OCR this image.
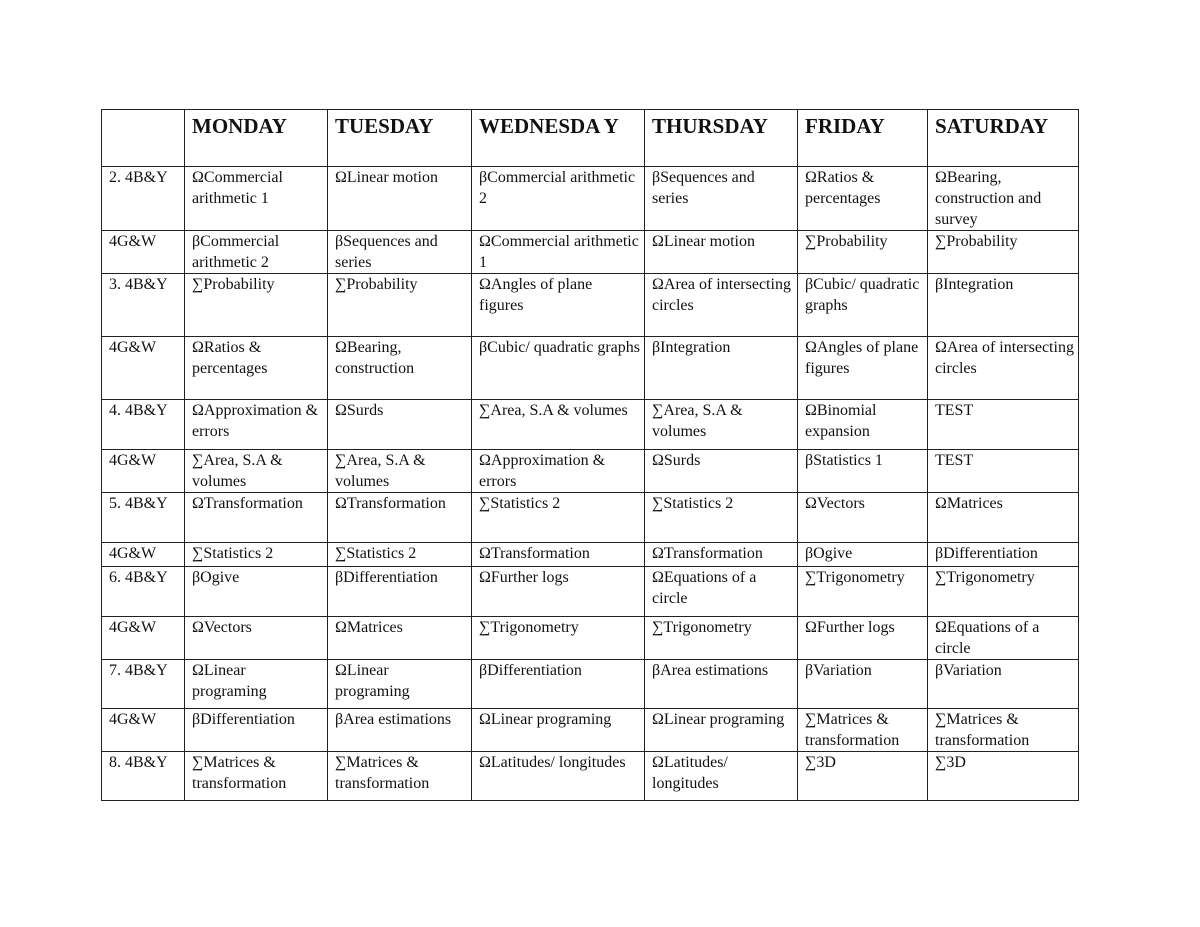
	MONDAY	TUESDAY	WEDNESDA Y	THURSDAY	FRIDAY	SATURDAY
2. 4B&Y	ΩCommercial arithmetic 1	ΩLinear motion	βCommercial arithmetic 2	βSequences and series	ΩRatios & percentages	ΩBearing, construction and survey
4G&W	βCommercial arithmetic 2	βSequences and series	ΩCommercial arithmetic 1	ΩLinear motion	∑Probability	∑Probability
3. 4B&Y	∑Probability	∑Probability	ΩAngles of plane figures	ΩArea of intersecting circles	βCubic/ quadratic graphs	βIntegration
4G&W	ΩRatios & percentages	ΩBearing, construction	βCubic/ quadratic graphs	βIntegration	ΩAngles of plane figures	ΩArea of intersecting circles
4. 4B&Y	ΩApproximation & errors	ΩSurds	∑Area, S.A & volumes	∑Area, S.A & volumes	ΩBinomial expansion	TEST
4G&W	∑Area, S.A & volumes	∑Area, S.A & volumes	ΩApproximation & errors	ΩSurds	βStatistics 1	TEST
5. 4B&Y	ΩTransformation	ΩTransformation	∑Statistics 2	∑Statistics 2	ΩVectors	ΩMatrices
4G&W	∑Statistics 2	∑Statistics 2	ΩTransformation	ΩTransformation	βOgive	βDifferentiation
6. 4B&Y	βOgive	βDifferentiation	ΩFurther logs	ΩEquations of a circle	∑Trigonometry	∑Trigonometry
4G&W	ΩVectors	ΩMatrices	∑Trigonometry	∑Trigonometry	ΩFurther logs	ΩEquations of a circle
7. 4B&Y	ΩLinear programing	ΩLinear programing	βDifferentiation	βArea estimations	βVariation	βVariation
4G&W	βDifferentiation	βArea estimations	ΩLinear programing	ΩLinear programing	∑Matrices & transformation	∑Matrices & transformation
8. 4B&Y	∑Matrices & transformation	∑Matrices & transformation	ΩLatitudes/ longitudes	ΩLatitudes/ longitudes	∑3D	∑3D
